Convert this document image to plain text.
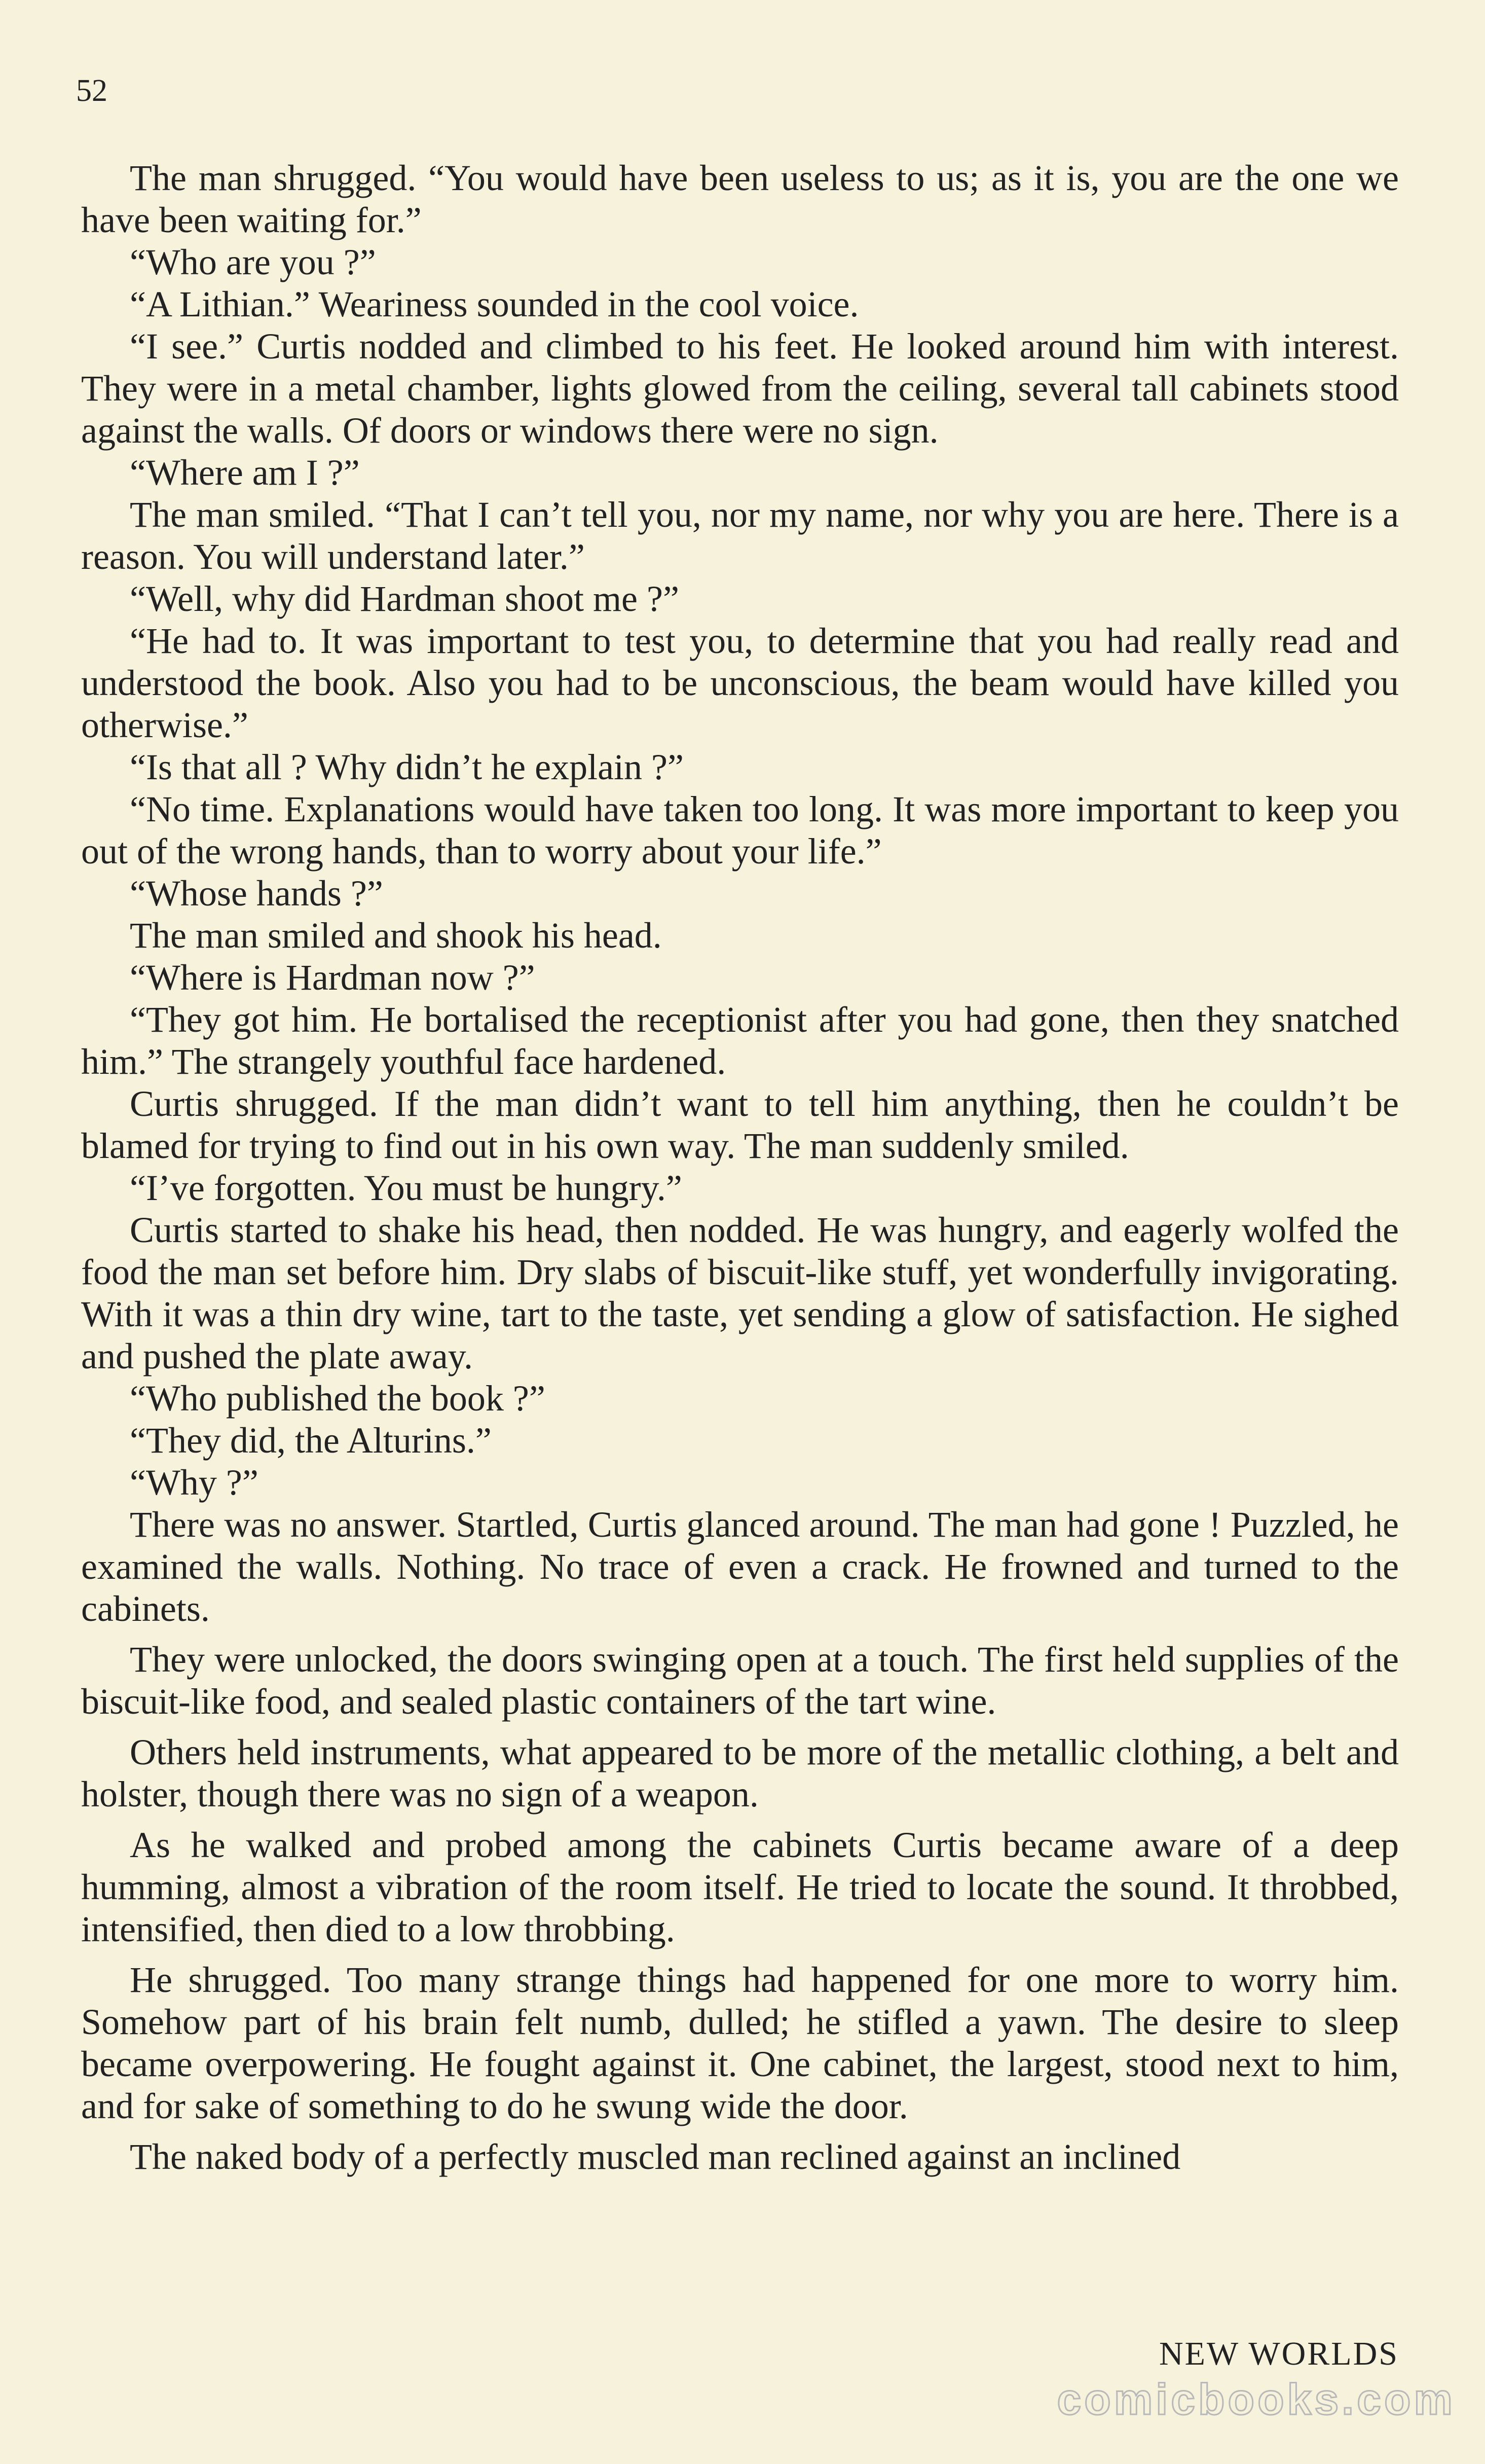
52

The man shrugged. “You would have been useless to us; as it is, you are the one we have been waiting for.”

“Who are you ?”

“A Lithian.” Weariness sounded in the cool voice.

“I see.” Curtis nodded and climbed to his feet. He looked around him with interest. They were in a metal chamber, lights glowed from the ceiling, several tall cabinets stood against the walls. Of doors or windows there were no sign.

“Where am I ?”

The man smiled. “That I can’t tell you, nor my name, nor why you are here. There is a reason. You will understand later.”

“Well, why did Hardman shoot me ?”

“He had to. It was important to test you, to determine that you had really read and understood the book. Also you had to be unconscious, the beam would have killed you otherwise.”

“Is that all ? Why didn’t he explain ?”

“No time. Explanations would have taken too long. It was more important to keep you out of the wrong hands, than to worry about your life.”

“Whose hands ?”

The man smiled and shook his head.

“Where is Hardman now ?”

“They got him. He bortalised the receptionist after you had gone, then they snatched him.” The strangely youthful face hardened.

Curtis shrugged. If the man didn’t want to tell him anything, then he couldn’t be blamed for trying to find out in his own way. The man suddenly smiled.

“I’ve forgotten. You must be hungry.”

Curtis started to shake his head, then nodded. He was hungry, and eagerly wolfed the food the man set before him. Dry slabs of biscuit-like stuff, yet wonderfully invigorating. With it was a thin dry wine, tart to the taste, yet sending a glow of satisfaction. He sighed and pushed the plate away.

“Who published the book ?”

“They did, the Alturins.”

“Why ?”

There was no answer. Startled, Curtis glanced around. The man had gone ! Puzzled, he examined the walls. Nothing. No trace of even a crack. He frowned and turned to the cabinets.

They were unlocked, the doors swinging open at a touch. The first held supplies of the biscuit-like food, and sealed plastic containers of the tart wine.

Others held instruments, what appeared to be more of the metallic clothing, a belt and holster, though there was no sign of a weapon.

As he walked and probed among the cabinets Curtis became aware of a deep humming, almost a vibration of the room itself. He tried to locate the sound. It throbbed, intensified, then died to a low throbbing.

He shrugged. Too many strange things had happened for one more to worry him. Somehow part of his brain felt numb, dulled; he stifled a yawn. The desire to sleep became overpowering. He fought against it. One cabinet, the largest, stood next to him, and for sake of something to do he swung wide the door.

The naked body of a perfectly muscled man reclined against an inclined

NEW WORLDS
comicbooks.com
